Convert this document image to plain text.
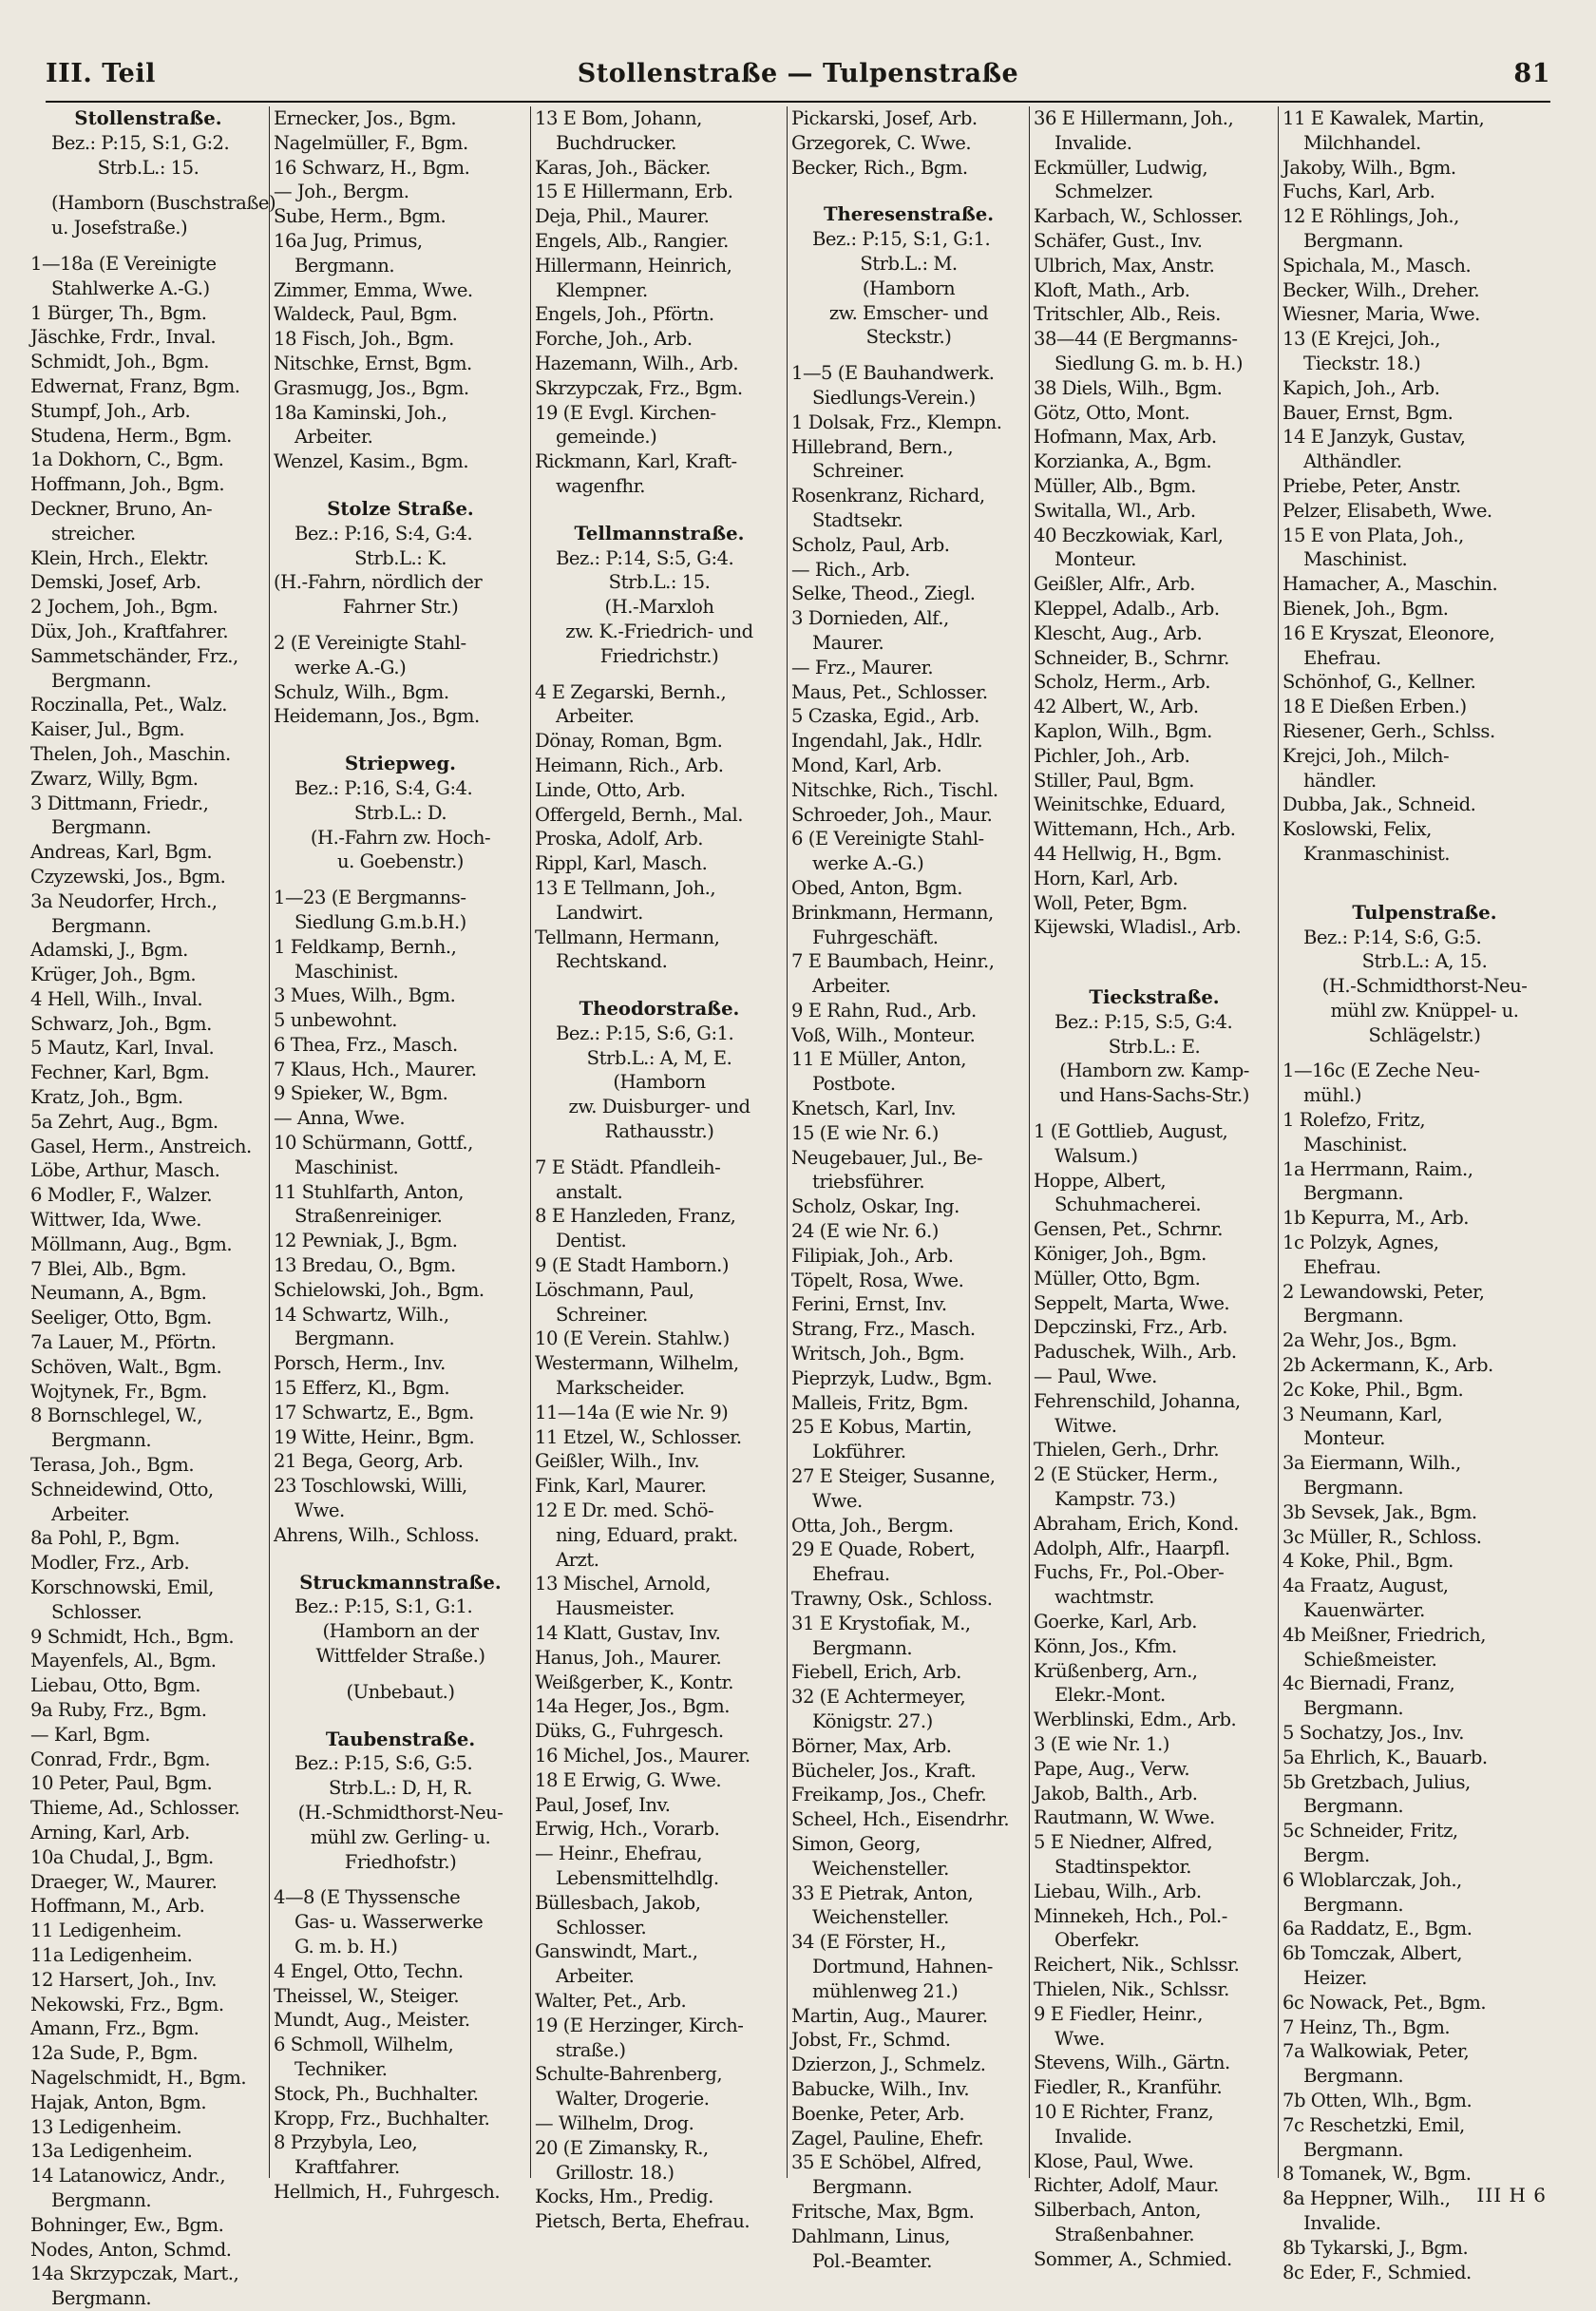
III. Teil	Stollenstraße — Tulpenstraße	81
Stollenstraße.
Bez.: P:15, S:1, G:2.
Strb.L.: 15.
(Hamborn (Buschstraße)
u. Josefstraße.)
1—18a (E Vereinigte
Stahlwerke A.-G.)
1 Bürger, Th., Bgm.
Jäschke, Frdr., Inval.
Schmidt, Joh., Bgm.
Edwernat, Franz, Bgm.
Stumpf, Joh., Arb.
Studena, Herm., Bgm.
1a Dokhorn, C., Bgm.
Hoffmann, Joh., Bgm.
Deckner, Bruno, An-
streicher.
Klein, Hrch., Elektr.
Demski, Josef, Arb.
2 Jochem, Joh., Bgm.
Düx, Joh., Kraftfahrer.
Sammetschänder, Frz.,
Bergmann.
Roczinalla, Pet., Walz.
Kaiser, Jul., Bgm.
Thelen, Joh., Maschin.
Zwarz, Willy, Bgm.
3 Dittmann, Friedr.,
Bergmann.
Andreas, Karl, Bgm.
Czyzewski, Jos., Bgm.
3a Neudorfer, Hrch.,
Bergmann.
Adamski, J., Bgm.
Krüger, Joh., Bgm.
4 Hell, Wilh., Inval.
Schwarz, Joh., Bgm.
5 Mautz, Karl, Inval.
Fechner, Karl, Bgm.
Kratz, Joh., Bgm.
5a Zehrt, Aug., Bgm.
Gasel, Herm., Anstreich.
Löbe, Arthur, Masch.
6 Modler, F., Walzer.
Wittwer, Ida, Wwe.
Möllmann, Aug., Bgm.
7 Blei, Alb., Bgm.
Neumann, A., Bgm.
Seeliger, Otto, Bgm.
7a Lauer, M., Pförtn.
Schöven, Walt., Bgm.
Wojtynek, Fr., Bgm.
8 Bornschlegel, W.,
Bergmann.
Terasa, Joh., Bgm.
Schneidewind, Otto,
Arbeiter.
8a Pohl, P., Bgm.
Modler, Frz., Arb.
Korschnowski, Emil,
Schlosser.
9 Schmidt, Hch., Bgm.
Mayenfels, Al., Bgm.
Liebau, Otto, Bgm.
9a Ruby, Frz., Bgm.
— Karl, Bgm.
Conrad, Frdr., Bgm.
10 Peter, Paul, Bgm.
Thieme, Ad., Schlosser.
Arning, Karl, Arb.
10a Chudal, J., Bgm.
Draeger, W., Maurer.
Hoffmann, M., Arb.
11 Ledigenheim.
11a Ledigenheim.
12 Harsert, Joh., Inv.
Nekowski, Frz., Bgm.
Amann, Frz., Bgm.
12a Sude, P., Bgm.
Nagelschmidt, H., Bgm.
Hajak, Anton, Bgm.
13 Ledigenheim.
13a Ledigenheim.
14 Latanowicz, Andr.,
Bergmann.
Bohninger, Ew., Bgm.
Nodes, Anton, Schmd.
14a Skrzypczak, Mart.,
Bergmann.
Ernecker, Jos., Bgm.
Nagelmüller, F., Bgm.
16 Schwarz, H., Bgm.
— Joh., Bergm.
Sube, Herm., Bgm.
16a Jug, Primus,
Bergmann.
Zimmer, Emma, Wwe.
Waldeck, Paul, Bgm.
18 Fisch, Joh., Bgm.
Nitschke, Ernst, Bgm.
Grasmugg, Jos., Bgm.
18a Kaminski, Joh.,
Arbeiter.
Wenzel, Kasim., Bgm.
Stolze Straße.
Bez.: P:16, S:4, G:4.
Strb.L.: K.
(H.-Fahrn, nördlich der
Fahrner Str.)
2 (E Vereinigte Stahl-
werke A.-G.)
Schulz, Wilh., Bgm.
Heidemann, Jos., Bgm.
Striepweg.
Bez.: P:16, S:4, G:4.
Strb.L.: D.
(H.-Fahrn zw. Hoch-
u. Goebenstr.)
1—23 (E Bergmanns-
Siedlung G.m.b.H.)
1 Feldkamp, Bernh.,
Maschinist.
3 Mues, Wilh., Bgm.
5 unbewohnt.
6 Thea, Frz., Masch.
7 Klaus, Hch., Maurer.
9 Spieker, W., Bgm.
— Anna, Wwe.
10 Schürmann, Gottf.,
Maschinist.
11 Stuhlfarth, Anton,
Straßenreiniger.
12 Pewniak, J., Bgm.
13 Bredau, O., Bgm.
Schielowski, Joh., Bgm.
14 Schwartz, Wilh.,
Bergmann.
Porsch, Herm., Inv.
15 Efferz, Kl., Bgm.
17 Schwartz, E., Bgm.
19 Witte, Heinr., Bgm.
21 Bega, Georg, Arb.
23 Toschlowski, Willi,
Wwe.
Ahrens, Wilh., Schloss.
Struckmannstraße.
Bez.: P:15, S:1, G:1.
(Hamborn an der
Wittfelder Straße.)
(Unbebaut.)
Taubenstraße.
Bez.: P:15, S:6, G:5.
Strb.L.: D, H, R.
(H.-Schmidthorst-Neu-
mühl zw. Gerling- u.
Friedhofstr.)
4—8 (E Thyssensche
Gas- u. Wasserwerke
G. m. b. H.)
4 Engel, Otto, Techn.
Theissel, W., Steiger.
Mundt, Aug., Meister.
6 Schmoll, Wilhelm,
Techniker.
Stock, Ph., Buchhalter.
Kropp, Frz., Buchhalter.
8 Przybyla, Leo,
Kraftfahrer.
Hellmich, H., Fuhrgesch.
13 E Bom, Johann,
Buchdrucker.
Karas, Joh., Bäcker.
15 E Hillermann, Erb.
Deja, Phil., Maurer.
Engels, Alb., Rangier.
Hillermann, Heinrich,
Klempner.
Engels, Joh., Pförtn.
Forche, Joh., Arb.
Hazemann, Wilh., Arb.
Skrzypczak, Frz., Bgm.
19 (E Evgl. Kirchen-
gemeinde.)
Rickmann, Karl, Kraft-
wagenfhr.
Tellmannstraße.
Bez.: P:14, S:5, G:4.
Strb.L.: 15.
(H.-Marxloh
zw. K.-Friedrich- und
Friedrichstr.)
4 E Zegarski, Bernh.,
Arbeiter.
Dönay, Roman, Bgm.
Heimann, Rich., Arb.
Linde, Otto, Arb.
Offergeld, Bernh., Mal.
Proska, Adolf, Arb.
Rippl, Karl, Masch.
13 E Tellmann, Joh.,
Landwirt.
Tellmann, Hermann,
Rechtskand.
Theodorstraße.
Bez.: P:15, S:6, G:1.
Strb.L.: A, M, E.
(Hamborn
zw. Duisburger- und
Rathausstr.)
7 E Städt. Pfandleih-
anstalt.
8 E Hanzleden, Franz,
Dentist.
9 (E Stadt Hamborn.)
Löschmann, Paul,
Schreiner.
10 (E Verein. Stahlw.)
Westermann, Wilhelm,
Markscheider.
11—14a (E wie Nr. 9)
11 Etzel, W., Schlosser.
Geißler, Wilh., Inv.
Fink, Karl, Maurer.
12 E Dr. med. Schö-
ning, Eduard, prakt.
Arzt.
13 Mischel, Arnold,
Hausmeister.
14 Klatt, Gustav, Inv.
Hanus, Joh., Maurer.
Weißgerber, K., Kontr.
14a Heger, Jos., Bgm.
Düks, G., Fuhrgesch.
16 Michel, Jos., Maurer.
18 E Erwig, G. Wwe.
Paul, Josef, Inv.
Erwig, Hch., Vorarb.
— Heinr., Ehefrau,
Lebensmittelhdlg.
Büllesbach, Jakob,
Schlosser.
Ganswindt, Mart.,
Arbeiter.
Walter, Pet., Arb.
19 (E Herzinger, Kirch-
straße.)
Schulte-Bahrenberg,
Walter, Drogerie.
— Wilhelm, Drog.
20 (E Zimansky, R.,
Grillostr. 18.)
Kocks, Hm., Predig.
Pietsch, Berta, Ehefrau.
Pickarski, Josef, Arb.
Grzegorek, C. Wwe.
Becker, Rich., Bgm.
Theresenstraße.
Bez.: P:15, S:1, G:1.
Strb.L.: M.
(Hamborn
zw. Emscher- und
Steckstr.)
1—5 (E Bauhandwerk.
Siedlungs-Verein.)
1 Dolsak, Frz., Klempn.
Hillebrand, Bern.,
Schreiner.
Rosenkranz, Richard,
Stadtsekr.
Scholz, Paul, Arb.
— Rich., Arb.
Selke, Theod., Ziegl.
3 Dornieden, Alf.,
Maurer.
— Frz., Maurer.
Maus, Pet., Schlosser.
5 Czaska, Egid., Arb.
Ingendahl, Jak., Hdlr.
Mond, Karl, Arb.
Nitschke, Rich., Tischl.
Schroeder, Joh., Maur.
6 (E Vereinigte Stahl-
werke A.-G.)
Obed, Anton, Bgm.
Brinkmann, Hermann,
Fuhrgeschäft.
7 E Baumbach, Heinr.,
Arbeiter.
9 E Rahn, Rud., Arb.
Voß, Wilh., Monteur.
11 E Müller, Anton,
Postbote.
Knetsch, Karl, Inv.
15 (E wie Nr. 6.)
Neugebauer, Jul., Be-
triebsführer.
Scholz, Oskar, Ing.
24 (E wie Nr. 6.)
Filipiak, Joh., Arb.
Töpelt, Rosa, Wwe.
Ferini, Ernst, Inv.
Strang, Frz., Masch.
Writsch, Joh., Bgm.
Pieprzyk, Ludw., Bgm.
Malleis, Fritz, Bgm.
25 E Kobus, Martin,
Lokführer.
27 E Steiger, Susanne,
Wwe.
Otta, Joh., Bergm.
29 E Quade, Robert,
Ehefrau.
Trawny, Osk., Schloss.
31 E Krystofiak, M.,
Bergmann.
Fiebell, Erich, Arb.
32 (E Achtermeyer,
Königstr. 27.)
Börner, Max, Arb.
Bücheler, Jos., Kraft.
Freikamp, Jos., Chefr.
Scheel, Hch., Eisendrhr.
Simon, Georg,
Weichensteller.
33 E Pietrak, Anton,
Weichensteller.
34 (E Förster, H.,
Dortmund, Hahnen-
mühlenweg 21.)
Martin, Aug., Maurer.
Jobst, Fr., Schmd.
Dzierzon, J., Schmelz.
Babucke, Wilh., Inv.
Boenke, Peter, Arb.
Zagel, Pauline, Ehefr.
35 E Schöbel, Alfred,
Bergmann.
Fritsche, Max, Bgm.
Dahlmann, Linus,
Pol.-Beamter.
36 E Hillermann, Joh.,
Invalide.
Eckmüller, Ludwig,
Schmelzer.
Karbach, W., Schlosser.
Schäfer, Gust., Inv.
Ulbrich, Max, Anstr.
Kloft, Math., Arb.
Tritschler, Alb., Reis.
38—44 (E Bergmanns-
Siedlung G. m. b. H.)
38 Diels, Wilh., Bgm.
Götz, Otto, Mont.
Hofmann, Max, Arb.
Korzianka, A., Bgm.
Müller, Alb., Bgm.
Switalla, Wl., Arb.
40 Beczkowiak, Karl,
Monteur.
Geißler, Alfr., Arb.
Kleppel, Adalb., Arb.
Klescht, Aug., Arb.
Schneider, B., Schrnr.
Scholz, Herm., Arb.
42 Albert, W., Arb.
Kaplon, Wilh., Bgm.
Pichler, Joh., Arb.
Stiller, Paul, Bgm.
Weinitschke, Eduard,
Wittemann, Hch., Arb.
44 Hellwig, H., Bgm.
Horn, Karl, Arb.
Woll, Peter, Bgm.
Kijewski, Wladisl., Arb.
Tieckstraße.
Bez.: P:15, S:5, G:4.
Strb.L.: E.
(Hamborn zw. Kamp-
und Hans-Sachs-Str.)
1 (E Gottlieb, August,
Walsum.)
Hoppe, Albert,
Schuhmacherei.
Gensen, Pet., Schrnr.
Königer, Joh., Bgm.
Müller, Otto, Bgm.
Seppelt, Marta, Wwe.
Depczinski, Frz., Arb.
Paduschek, Wilh., Arb.
— Paul, Wwe.
Fehrenschild, Johanna,
Witwe.
Thielen, Gerh., Drhr.
2 (E Stücker, Herm.,
Kampstr. 73.)
Abraham, Erich, Kond.
Adolph, Alfr., Haarpfl.
Fuchs, Fr., Pol.-Ober-
wachtmstr.
Goerke, Karl, Arb.
Könn, Jos., Kfm.
Krüßenberg, Arn.,
Elekr.-Mont.
Werblinski, Edm., Arb.
3 (E wie Nr. 1.)
Pape, Aug., Verw.
Jakob, Balth., Arb.
Rautmann, W. Wwe.
5 E Niedner, Alfred,
Stadtinspektor.
Liebau, Wilh., Arb.
Minnekeh, Hch., Pol.-
Oberfekr.
Reichert, Nik., Schlssr.
Thielen, Nik., Schlssr.
9 E Fiedler, Heinr.,
Wwe.
Stevens, Wilh., Gärtn.
Fiedler, R., Kranführ.
10 E Richter, Franz,
Invalide.
Klose, Paul, Wwe.
Richter, Adolf, Maur.
Silberbach, Anton,
Straßenbahner.
Sommer, A., Schmied.
11 E Kawalek, Martin,
Milchhandel.
Jakoby, Wilh., Bgm.
Fuchs, Karl, Arb.
12 E Röhlings, Joh.,
Bergmann.
Spichala, M., Masch.
Becker, Wilh., Dreher.
Wiesner, Maria, Wwe.
13 (E Krejci, Joh.,
Tieckstr. 18.)
Kapich, Joh., Arb.
Bauer, Ernst, Bgm.
14 E Janzyk, Gustav,
Althändler.
Priebe, Peter, Anstr.
Pelzer, Elisabeth, Wwe.
15 E von Plata, Joh.,
Maschinist.
Hamacher, A., Maschin.
Bienek, Joh., Bgm.
16 E Kryszat, Eleonore,
Ehefrau.
Schönhof, G., Kellner.
18 E Dießen Erben.)
Riesener, Gerh., Schlss.
Krejci, Joh., Milch-
händler.
Dubba, Jak., Schneid.
Koslowski, Felix,
Kranmaschinist.
Tulpenstraße.
Bez.: P:14, S:6, G:5.
Strb.L.: A, 15.
(H.-Schmidthorst-Neu-
mühl zw. Knüppel- u.
Schlägelstr.)
1—16c (E Zeche Neu-
mühl.)
1 Rolefzo, Fritz,
Maschinist.
1a Herrmann, Raim.,
Bergmann.
1b Kepurra, M., Arb.
1c Polzyk, Agnes,
Ehefrau.
2 Lewandowski, Peter,
Bergmann.
2a Wehr, Jos., Bgm.
2b Ackermann, K., Arb.
2c Koke, Phil., Bgm.
3 Neumann, Karl,
Monteur.
3a Eiermann, Wilh.,
Bergmann.
3b Sevsek, Jak., Bgm.
3c Müller, R., Schloss.
4 Koke, Phil., Bgm.
4a Fraatz, August,
Kauenwärter.
4b Meißner, Friedrich,
Schießmeister.
4c Biernadi, Franz,
Bergmann.
5 Sochatzy, Jos., Inv.
5a Ehrlich, K., Bauarb.
5b Gretzbach, Julius,
Bergmann.
5c Schneider, Fritz,
Bergm.
6 Wloblarczak, Joh.,
Bergmann.
6a Raddatz, E., Bgm.
6b Tomczak, Albert,
Heizer.
6c Nowack, Pet., Bgm.
7 Heinz, Th., Bgm.
7a Walkowiak, Peter,
Bergmann.
7b Otten, Wlh., Bgm.
7c Reschetzki, Emil,
Bergmann.
8 Tomanek, W., Bgm.
8a Heppner, Wilh.,
Invalide.
8b Tykarski, J., Bgm.
8c Eder, F., Schmied.
III H 6
